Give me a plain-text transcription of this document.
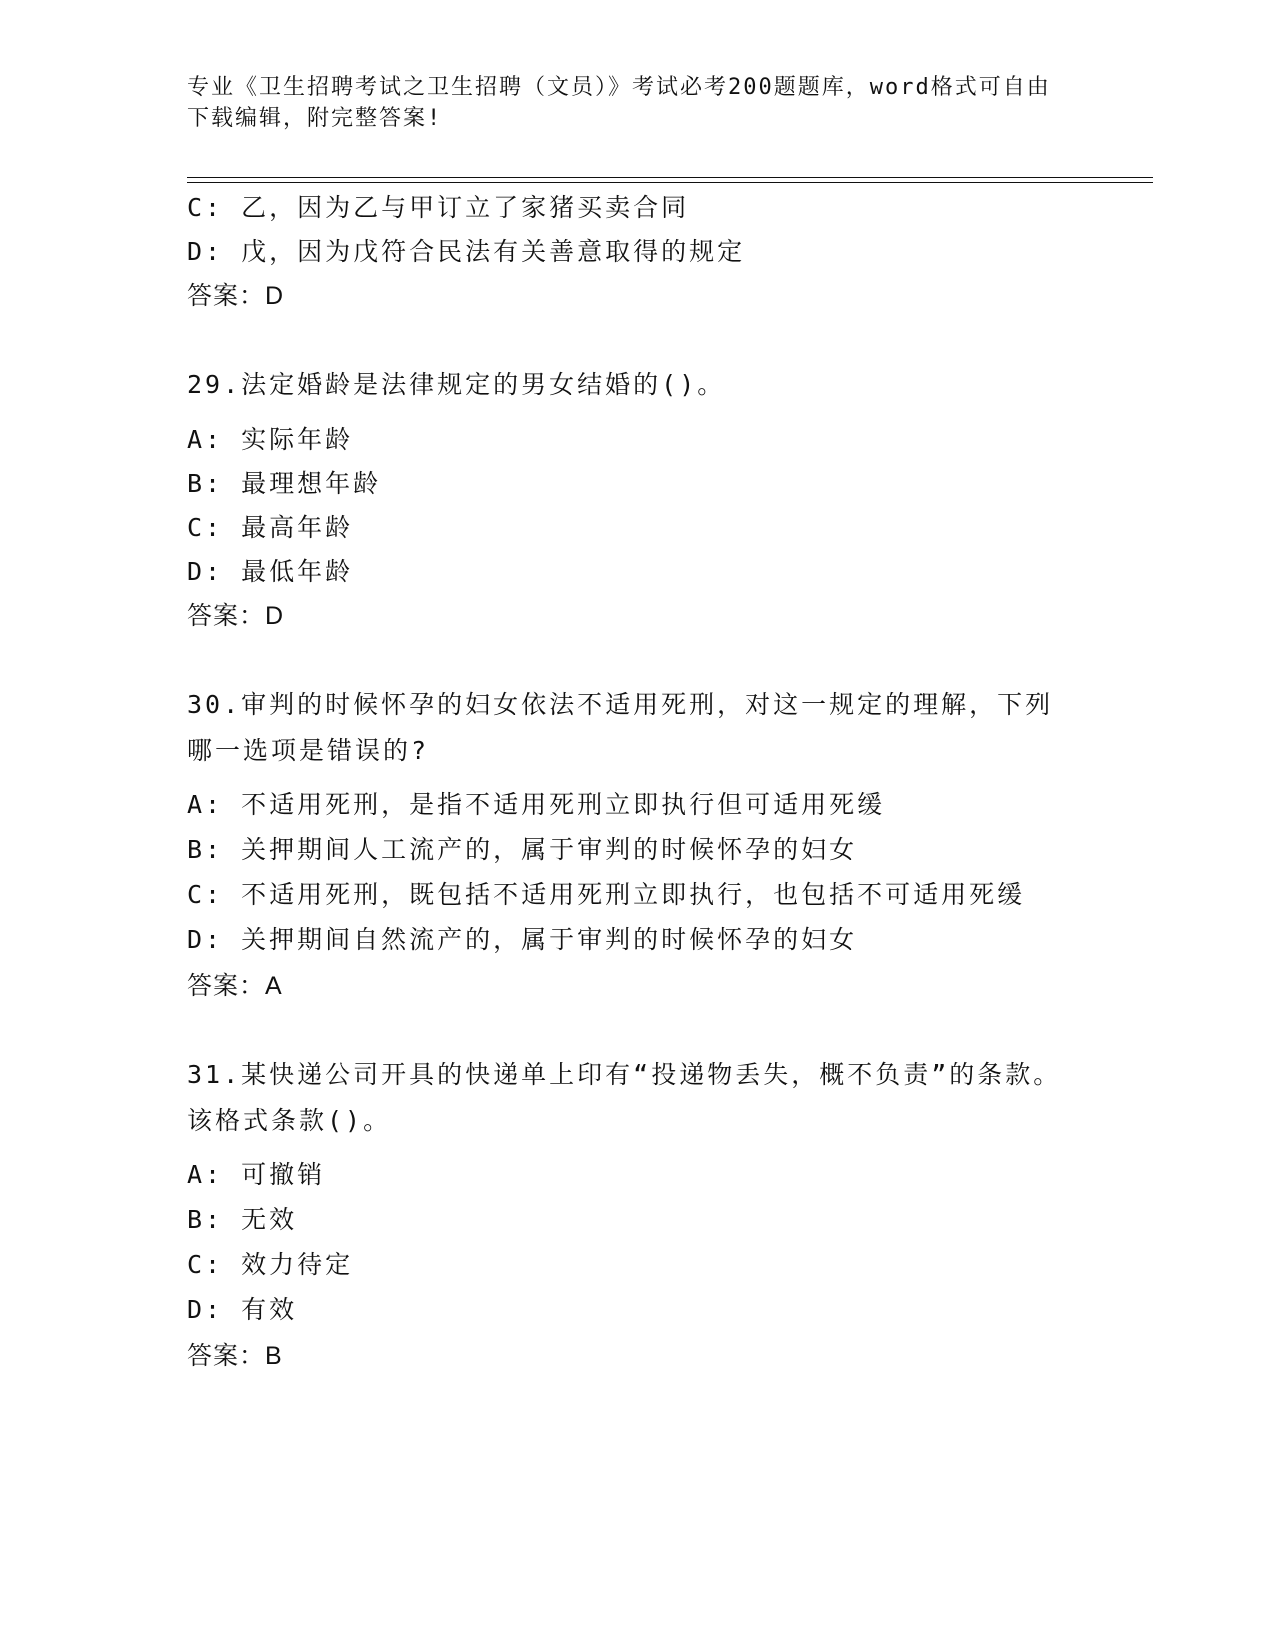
专业《卫生招聘考试之卫生招聘（文员）》考试必考200题题库，word格式可自由下载编辑，附完整答案!
C: 乙，因为乙与甲订立了家猪买卖合同
D: 戊，因为戊符合民法有关善意取得的规定
答案：D
29.法定婚龄是法律规定的男女结婚的()。
A: 实际年龄
B: 最理想年龄
C: 最高年龄
D: 最低年龄
答案：D
30.审判的时候怀孕的妇女依法不适用死刑，对这一规定的理解，下列哪一选项是错误的?
A: 不适用死刑，是指不适用死刑立即执行但可适用死缓
B: 关押期间人工流产的，属于审判的时候怀孕的妇女
C: 不适用死刑，既包括不适用死刑立即执行，也包括不可适用死缓
D: 关押期间自然流产的，属于审判的时候怀孕的妇女
答案：A
31.某快递公司开具的快递单上印有“投递物丢失，概不负责”的条款。该格式条款()。
A: 可撤销
B: 无效
C: 效力待定
D: 有效
答案：B
